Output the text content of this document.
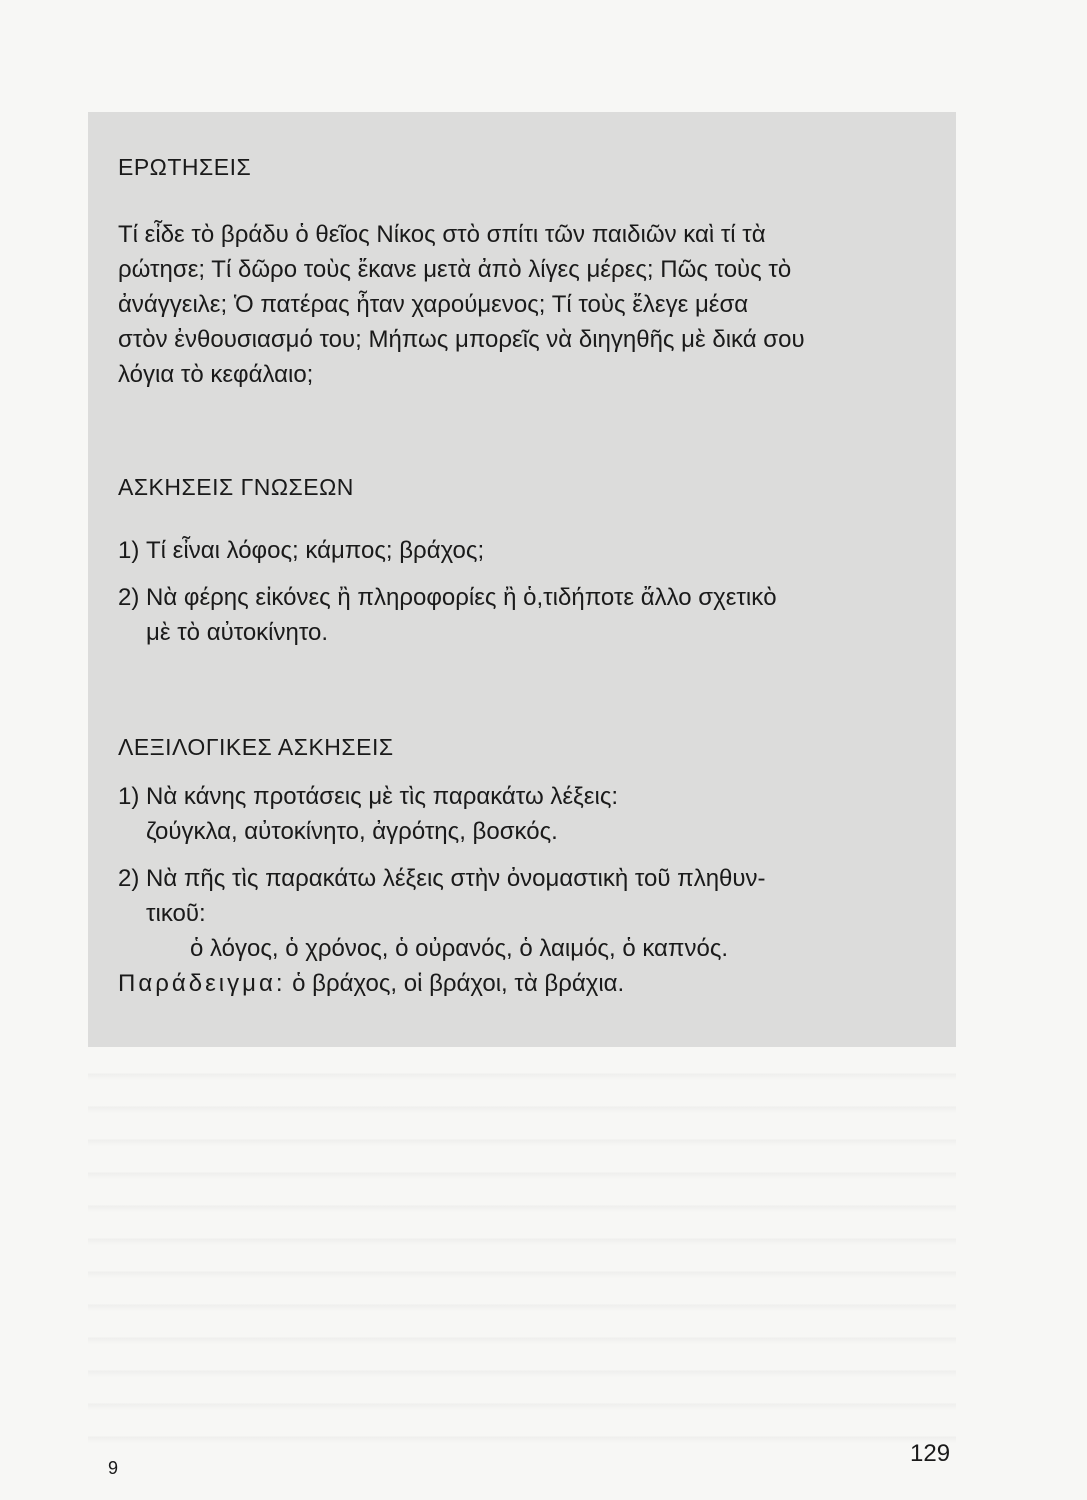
ΕΡΩΤΗΣΕΙΣ

Τί εἶδε τὸ βράδυ ὁ θεῖος Νίκος στὸ σπίτι τῶν παιδιῶν καὶ τί τὰ
ρώτησε; Τί δῶρο τοὺς ἔκανε μετὰ ἀπὸ λίγες μέρες; Πῶς τοὺς τὸ
ἀνάγγειλε; Ὁ πατέρας ἦταν χαρούμενος; Τί τοὺς ἔλεγε μέσα
στὸν ἐνθουσιασμό του; Μήπως μπορεῖς νὰ διηγηθῆς μὲ δικά σου
λόγια τὸ κεφάλαιο;

ΑΣΚΗΣΕΙΣ ΓΝΩΣΕΩΝ
1) Τί εἶναι λόφος; κάμπος; βράχος;
2) Νὰ φέρης εἰκόνες ἢ πληροφορίες ἢ ὁ,τιδήποτε ἄλλο σχετικὸ
μὲ τὸ αὐτοκίνητο.
ΛΕΞΙΛΟΓΙΚΕΣ ΑΣΚΗΣΕΙΣ
1) Νὰ κάνης προτάσεις μὲ τὶς παρακάτω λέξεις:
ζούγκλα, αὐτοκίνητο, ἀγρότης, βοσκός.
2) Νὰ πῆς τὶς παρακάτω λέξεις στὴν ὀνομαστικὴ τοῦ πληθυν-
τικοῦ:
ὁ λόγος, ὁ χρόνος, ὁ οὐρανός, ὁ λαιμός, ὁ καπνός.
Παράδειγμα: ὁ βράχος, οἱ βράχοι, τὰ βράχια.
9
129
